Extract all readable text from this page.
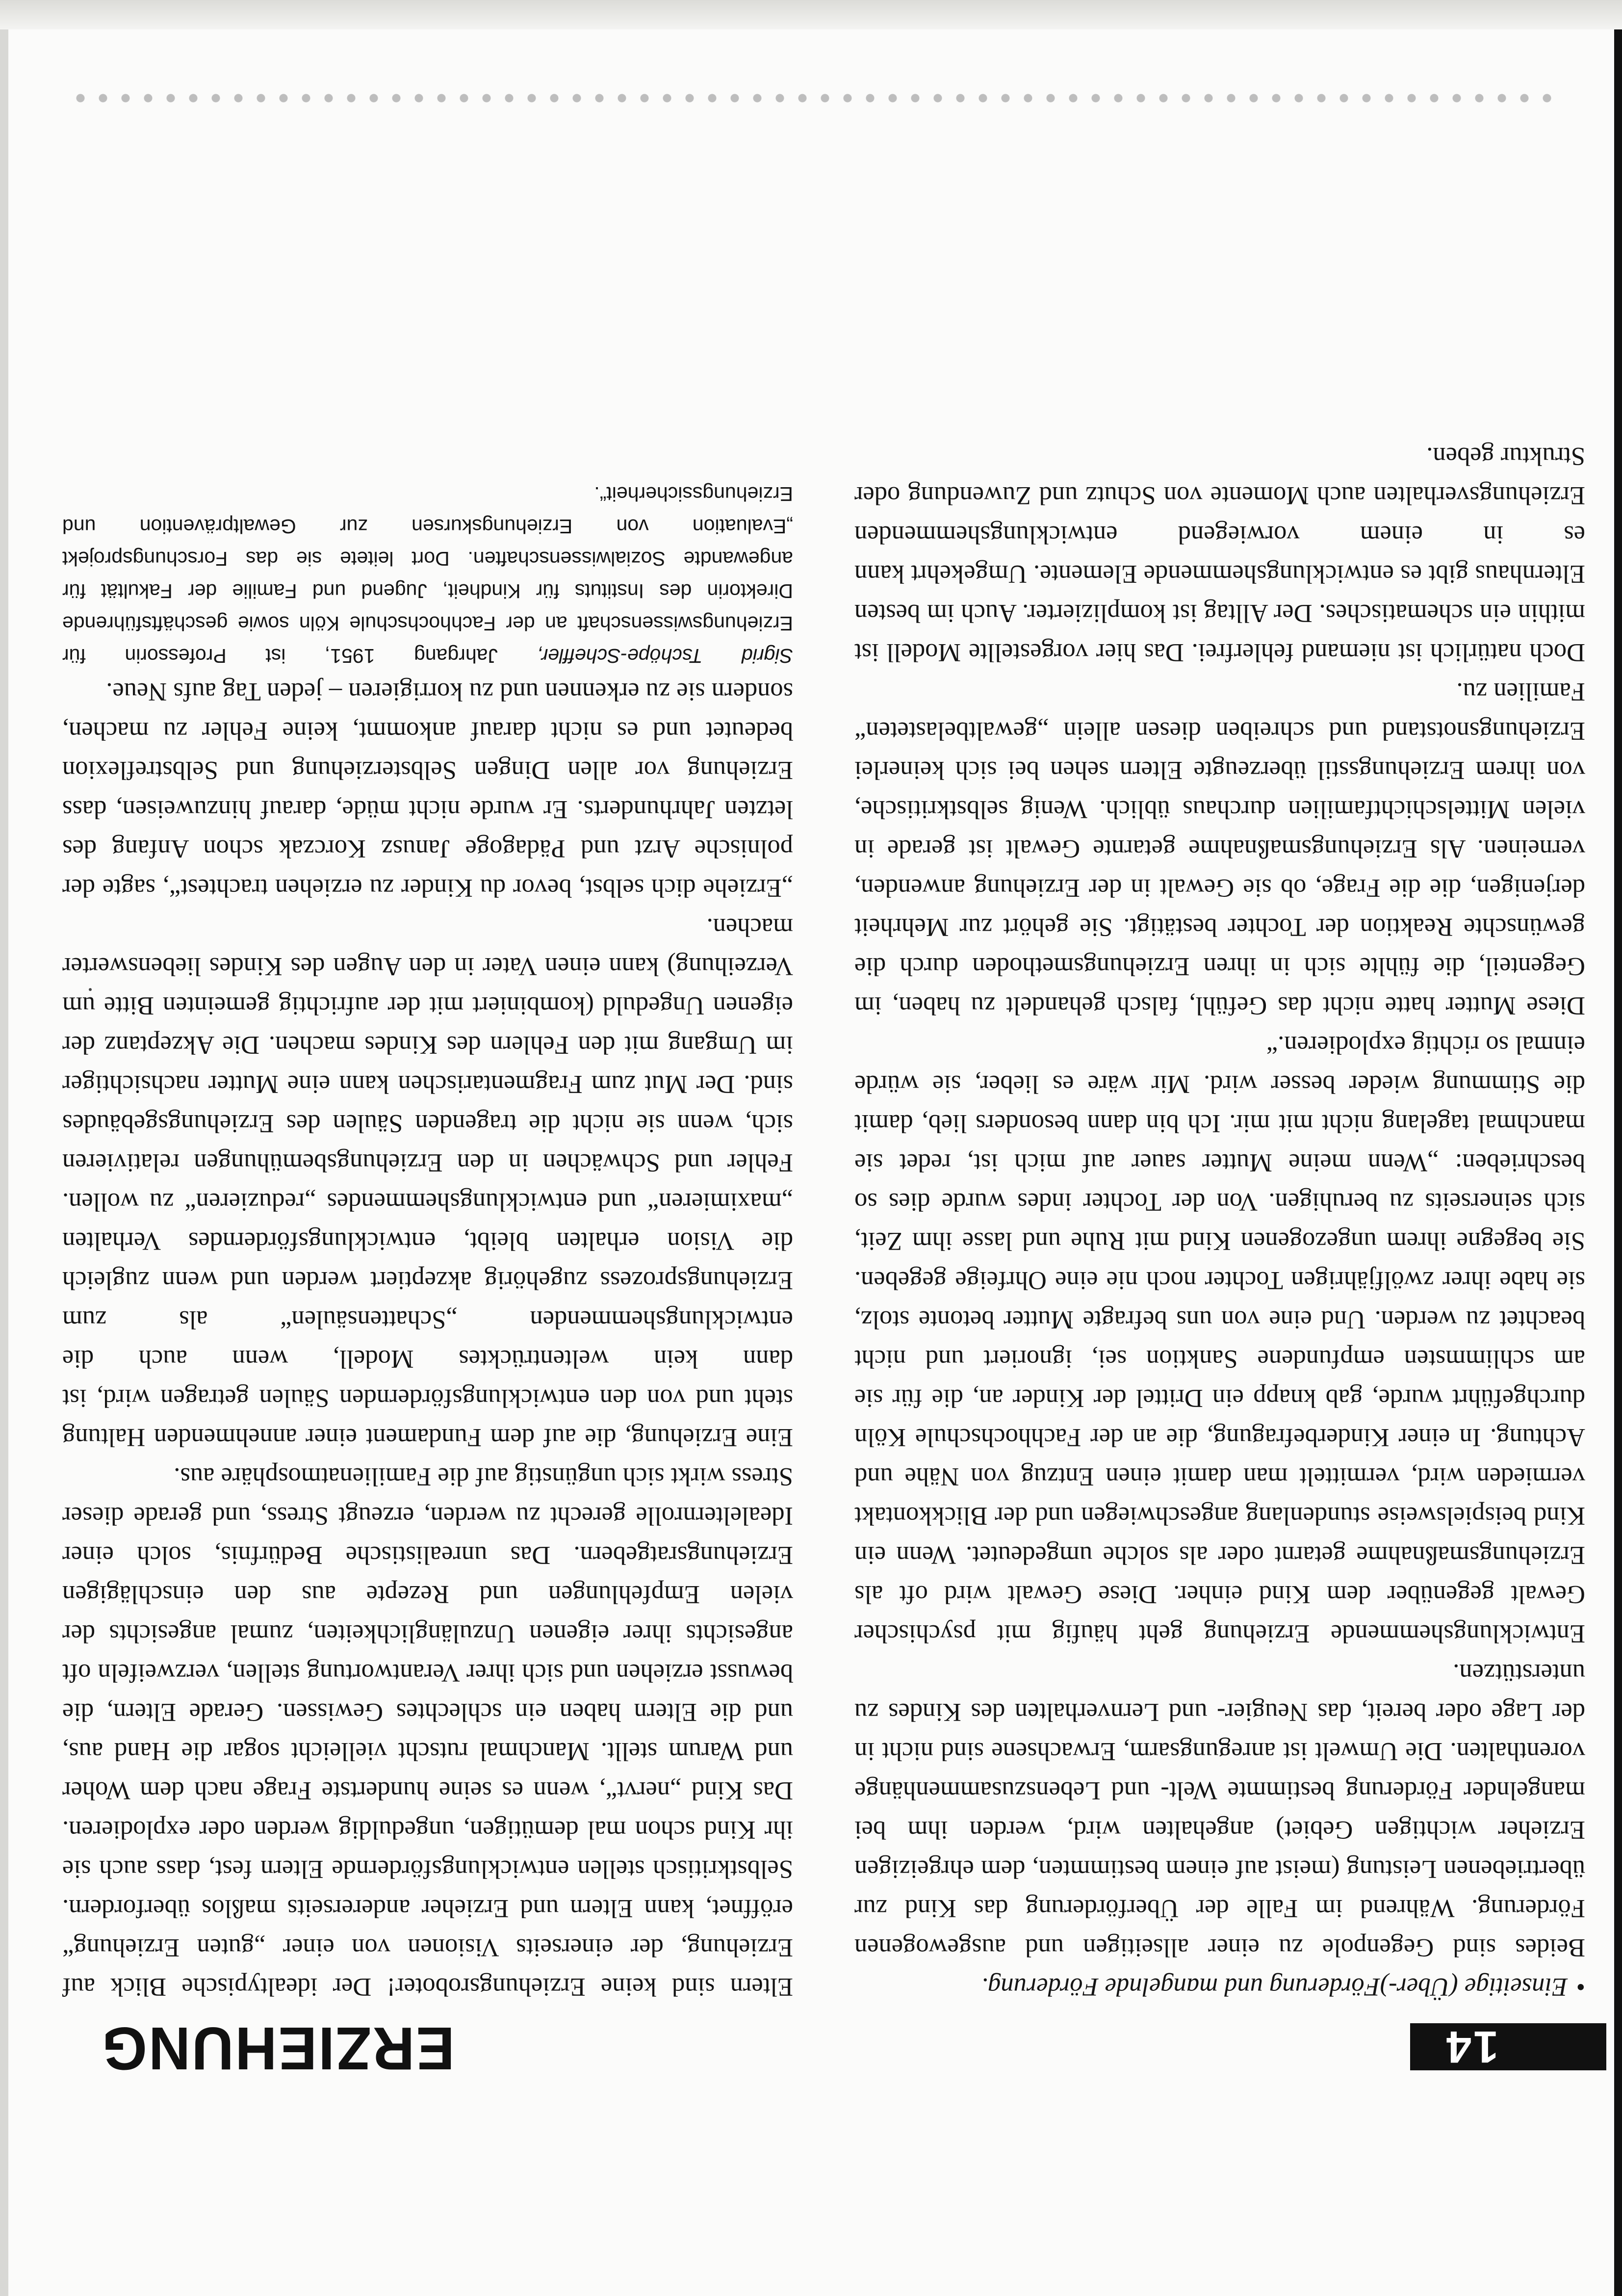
14
ERZIEHUNG

•Einseitige (Über-)Förderung und mangelnde Förderung.

Beides sind Gegenpole zu einer allseitigen und ausgewogenen Förderung. Während im Falle der Überförderung das Kind zur übertriebenen Leistung (meist auf einem bestimmten, dem ehrgeizigen Erzieher wichtigen Gebiet) angehalten wird, werden ihm bei mangelnder Förderung bestimmte Welt- und Lebenszusammenhänge vorenthalten. Die Umwelt ist anregungsarm, Erwachsene sind nicht in der Lage oder bereit, das Neugier- und Lernverhalten des Kindes zu unterstützen.

Entwicklungshemmende Erziehung geht häufig mit psychischer Gewalt gegenüber dem Kind einher. Diese Gewalt wird oft als Erziehungsmaßnahme getarnt oder als solche umgedeutet. Wenn ein Kind beispielsweise stundenlang angeschwiegen und der Blickkontakt vermieden wird, vermittelt man damit einen Entzug von Nähe und Achtung. In einer Kinderbefragung, die an der Fachhochschule Köln durchgeführt wurde, gab knapp ein Drittel der Kinder an, die für sie am schlimmsten empfundene Sanktion sei, ignoriert und nicht beachtet zu werden. Und eine von uns befragte Mutter betonte stolz, sie habe ihrer zwölfjährigen Tochter noch nie eine Ohrfeige gegeben. Sie begegne ihrem ungezogenen Kind mit Ruhe und lasse ihm Zeit, sich seinerseits zu beruhigen. Von der Tochter indes wurde dies so beschrieben: „Wenn meine Mutter sauer auf mich ist, redet sie manchmal tagelang nicht mit mir. Ich bin dann besonders lieb, damit die Stimmung wieder besser wird. Mir wäre es lieber, sie würde einmal so richtig explodieren.“

Diese Mutter hatte nicht das Gefühl, falsch gehandelt zu haben, im Gegenteil, die fühlte sich in ihren Erziehungsmethoden durch die gewünschte Reaktion der Tochter bestätigt. Sie gehört zur Mehrheit derjenigen, die die Frage, ob sie Gewalt in der Erziehung anwenden, verneinen. Als Erziehungsmaßnahme getarnte Gewalt ist gerade in vielen Mittelschichtfamilien durchaus üblich. Wenig selbstkritische, von ihrem Erziehungsstil überzeugte Eltern sehen bei sich keinerlei Erziehungsnotstand und schreiben diesen allein „gewaltbelasteten“ Familien zu.

Doch natürlich ist niemand fehlerfrei. Das hier vorgestellte Modell ist mithin ein schematisches. Der Alltag ist komplizierter. Auch im besten Elternhaus gibt es entwicklungshemmende Elemente. Umgekehrt kann es in einem vorwiegend entwicklungshemmenden Erziehungsverhalten auch Momente von Schutz und Zuwendung oder Struktur geben.

Eltern sind keine Erziehungsroboter! Der idealtypische Blick auf Erziehung, der einerseits Visionen von einer „guten Erziehung“ eröffnet, kann Eltern und Erzieher andererseits maßlos überfordern. Selbstkritisch stellen entwicklungsfördernde Eltern fest, dass auch sie ihr Kind schon mal demütigen, ungeduldig werden oder explodieren. Das Kind „nervt“, wenn es seine hundertste Frage nach dem Woher und Warum stellt. Manchmal rutscht vielleicht sogar die Hand aus, und die Eltern haben ein schlechtes Gewissen. Gerade Eltern, die bewusst erziehen und sich ihrer Verantwortung stellen, verzweifeln oft angesichts ihrer eigenen Unzulänglichkeiten, zumal angesichts der vielen Empfehlungen und Rezepte aus den einschlägigen Erziehungsratgebern. Das unrealistische Bedürfnis, solch einer Idealelternrolle gerecht zu werden, erzeugt Stress, und gerade dieser Stress wirkt sich ungünstig auf die Familienatmosphäre aus.

Eine Erziehung, die auf dem Fundament einer annehmenden Haltung steht und von den entwicklungsfördernden Säulen getragen wird, ist dann kein weltentrücktes Modell, wenn auch die entwicklungshemmenden „Schattensäulen“ als zum Erziehungsprozess zugehörig akzeptiert werden und wenn zugleich die Vision erhalten bleibt, entwicklungsförderndes Verhalten „maximieren“ und entwicklungshemmendes „reduzieren“ zu wollen. Fehler und Schwächen in den Erziehungsbemühungen relativieren sich, wenn sie nicht die tragenden Säulen des Erziehungsgebäudes sind. Der Mut zum Fragmentarischen kann eine Mutter nachsichtiger im Umgang mit den Fehlern des Kindes machen. Die Akzeptanz der eigenen Ungeduld (kombiniert mit der aufrichtig gemeinten Bitte um Verzeihung) kann einen Vater in den Augen des Kindes liebenswerter machen.

„Erziehe dich selbst, bevor du Kinder zu erziehen trachtest“, sagte der polnische Arzt und Pädagoge Janusz Korczak schon Anfang des letzten Jahrhunderts. Er wurde nicht müde, darauf hinzuweisen, dass Erziehung vor allen Dingen Selbsterziehung und Selbstreflexion bedeutet und es nicht darauf ankommt, keine Fehler zu machen, sondern sie zu erkennen und zu korrigieren – jeden Tag aufs Neue.

Sigrid Tschöpe-Scheffler, Jahrgang 1951, ist Professorin für Erziehungswissenschaft an der Fachhochschule Köln sowie geschäftsführende Direktorin des Instituts für Kindheit, Jugend und Familie der Fakultät für angewandte Sozialwissenschaften. Dort leitete sie das Forschungsprojekt „Evaluation von Erziehungskursen zur Gewaltprävention und Erziehungssicherheit“.
